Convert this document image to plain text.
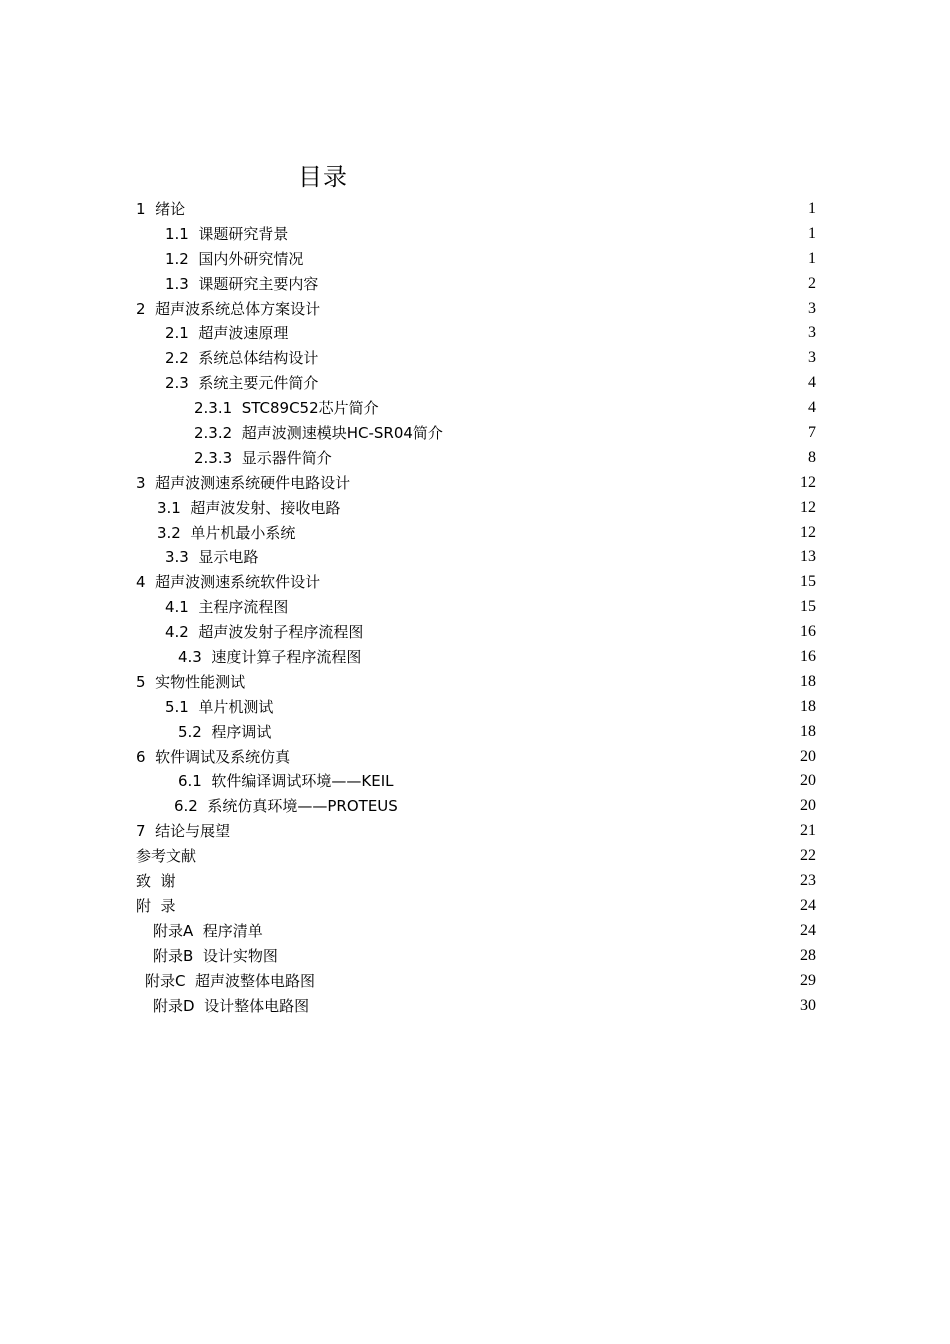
目录
1  绪论	1
1.1  课题研究背景	1
1.2  国内外研究情况	1
1.3  课题研究主要内容	2
2  超声波系统总体方案设计	3
2.1  超声波速原理	3
2.2  系统总体结构设计	3
2.3  系统主要元件简介	4
2.3.1  STC89C52芯片简介	4
2.3.2  超声波测速模块HC-SR04简介	7
2.3.3  显示器件简介	8
3  超声波测速系统硬件电路设计	12
3.1  超声波发射、接收电路	12
3.2  单片机最小系统	12
3.3  显示电路	13
4  超声波测速系统软件设计	15
4.1  主程序流程图	15
4.2  超声波发射子程序流程图	16
4.3  速度计算子程序流程图	16
5  实物性能测试	18
5.1  单片机测试	18
5.2  程序调试	18
6  软件调试及系统仿真	20
6.1  软件编译调试环境——KEIL	20
6.2  系统仿真环境——PROTEUS	20
7  结论与展望	21
参考文献	22
致  谢	23
附  录	24
附录A  程序清单	24
附录B  设计实物图	28
附录C  超声波整体电路图	29
附录D  设计整体电路图	30
